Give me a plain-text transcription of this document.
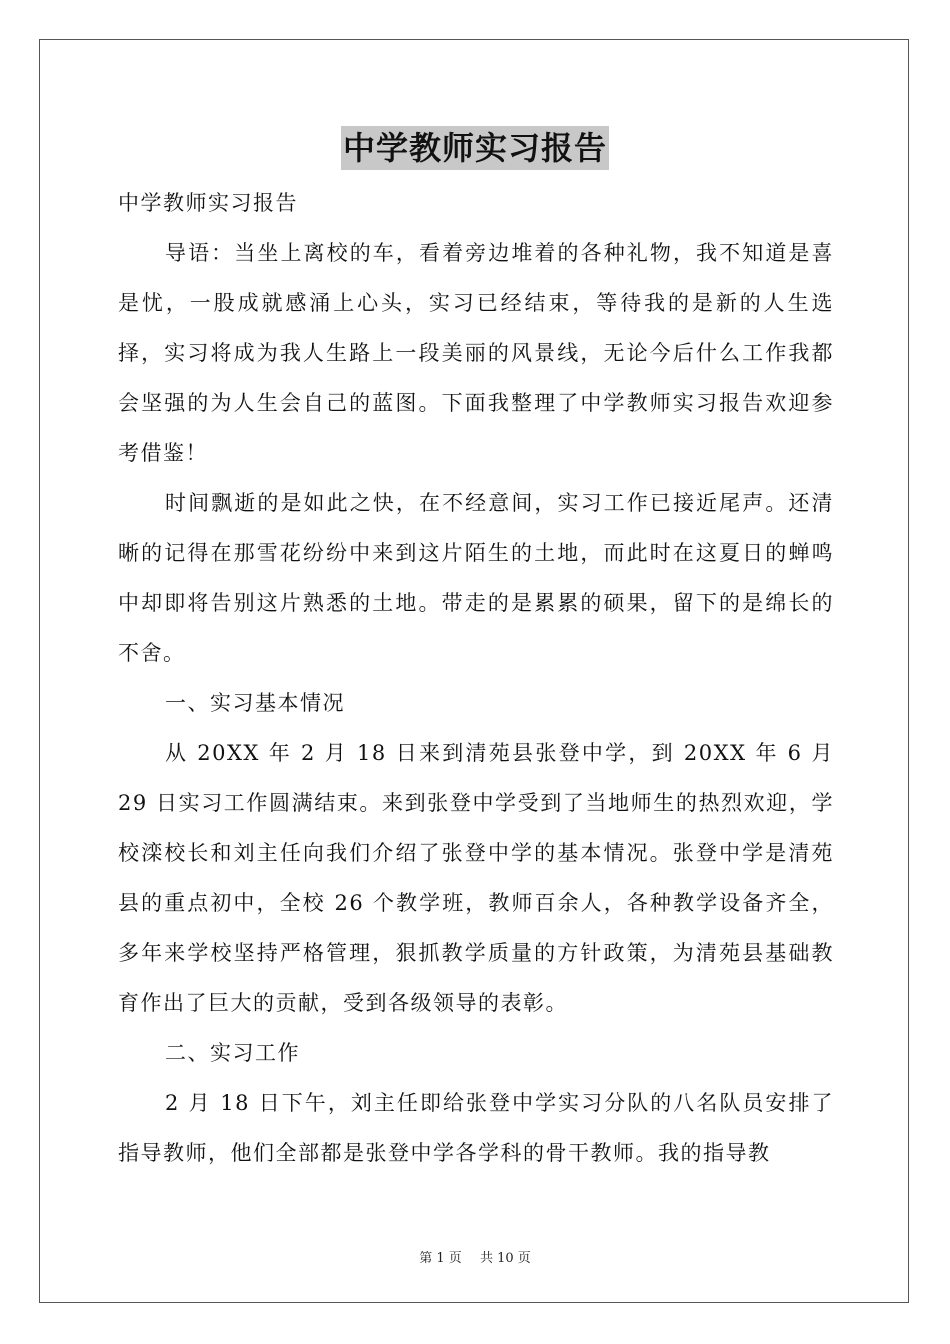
中学教师实习报告

中学教师实习报告

导语：当坐上离校的车，看着旁边堆着的各种礼物，我不知道是喜是忧，一股成就感涌上心头，实习已经结束，等待我的是新的人生选择，实习将成为我人生路上一段美丽的风景线，无论今后什么工作我都会坚强的为人生会自己的蓝图。下面我整理了中学教师实习报告欢迎参考借鉴！

时间飘逝的是如此之快，在不经意间，实习工作已接近尾声。还清晰的记得在那雪花纷纷中来到这片陌生的土地，而此时在这夏日的蝉鸣中却即将告别这片熟悉的土地。带走的是累累的硕果，留下的是绵长的不舍。

一、实习基本情况

从 20XX 年 2 月 18 日来到清苑县张登中学，到 20XX 年 6 月 29 日实习工作圆满结束。来到张登中学受到了当地师生的热烈欢迎，学校滦校长和刘主任向我们介绍了张登中学的基本情况。张登中学是清苑县的重点初中，全校 26 个教学班，教师百余人，各种教学设备齐全，多年来学校坚持严格管理，狠抓教学质量的方针政策，为清苑县基础教育作出了巨大的贡献，受到各级领导的表彰。

二、实习工作

2 月 18 日下午，刘主任即给张登中学实习分队的八名队员安排了指导教师，他们全部都是张登中学各学科的骨干教师。我的指导教

第 1 页 共 10 页
